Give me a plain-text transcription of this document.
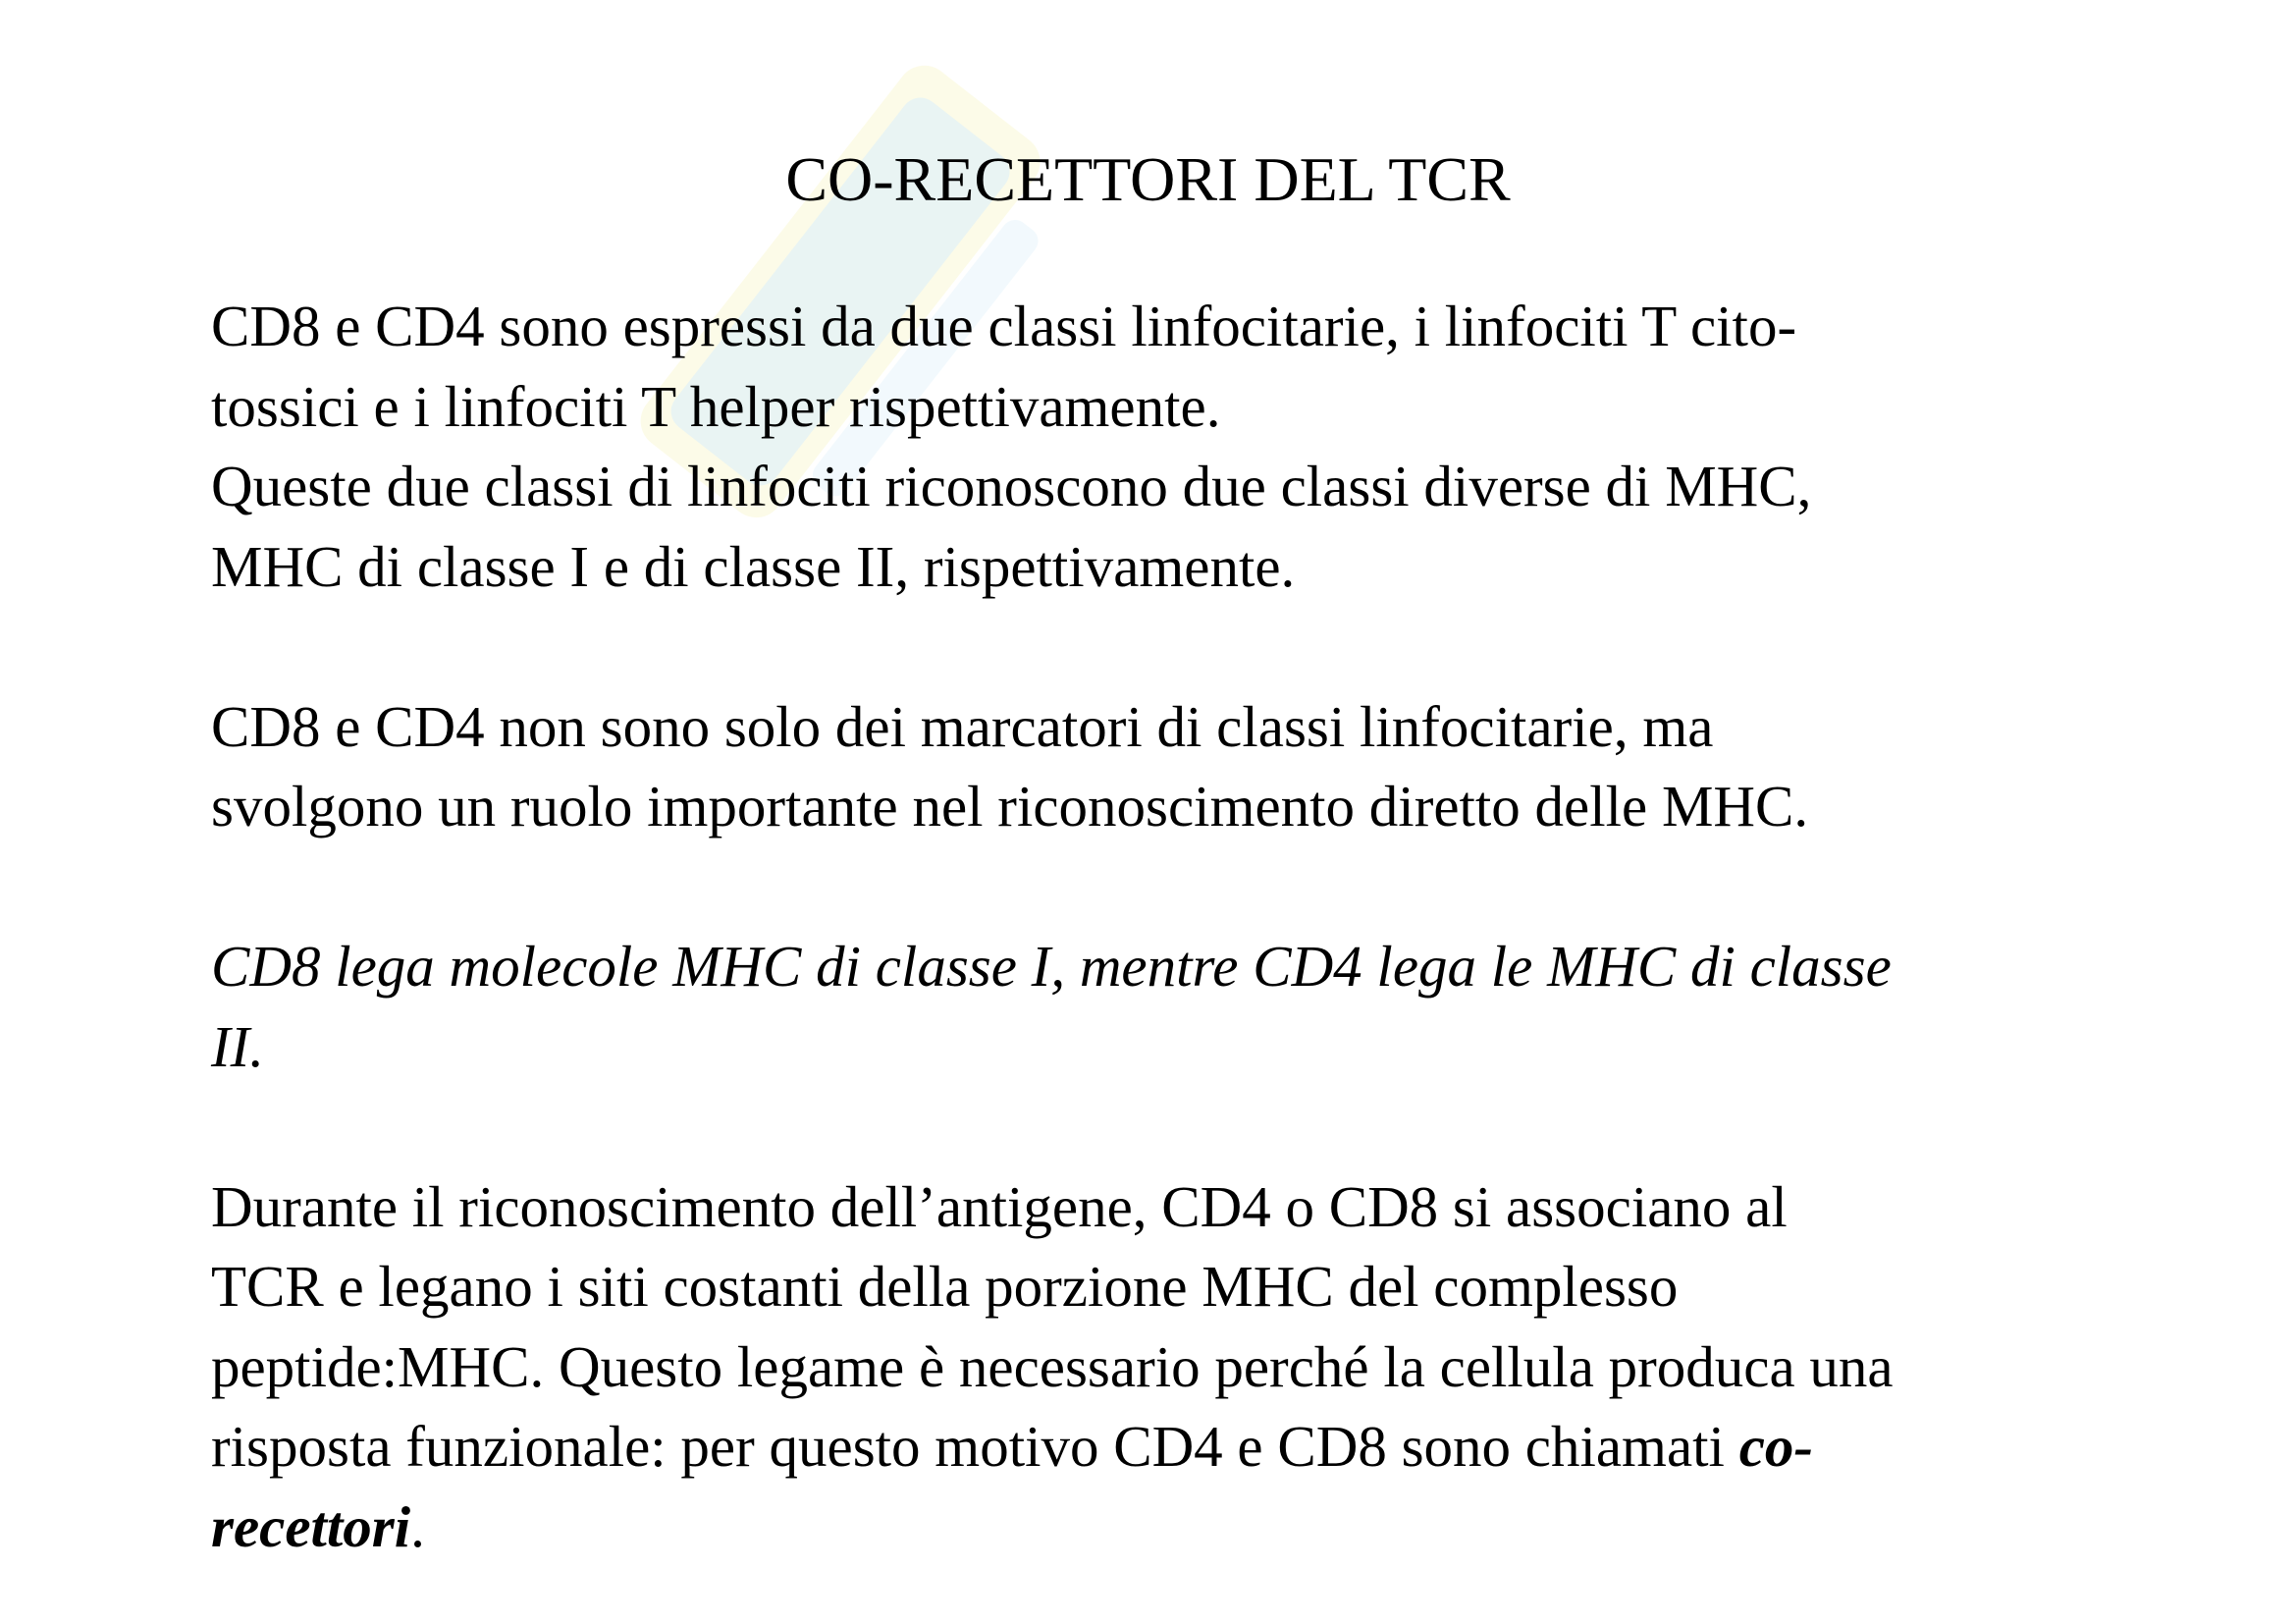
CO-RECETTORI DEL TCR

CD8 e CD4 sono espressi da due classi linfocitarie, i linfociti T cito-

tossici e i linfociti T helper rispettivamente.

Queste due classi di linfociti riconoscono due classi diverse di MHC,

MHC di classe I e di classe II, rispettivamente.

CD8 e CD4 non sono solo dei marcatori di classi linfocitarie, ma

svolgono un ruolo importante nel riconoscimento diretto delle MHC.

CD8 lega molecole MHC di classe I, mentre CD4 lega le MHC di classe

II.

Durante il riconoscimento dell’antigene, CD4 o CD8 si associano al

TCR e legano i siti costanti della porzione MHC del complesso

peptide:MHC. Questo legame è necessario perché la cellula produca una

risposta funzionale: per questo motivo CD4 e CD8 sono chiamati co-

recettori.
